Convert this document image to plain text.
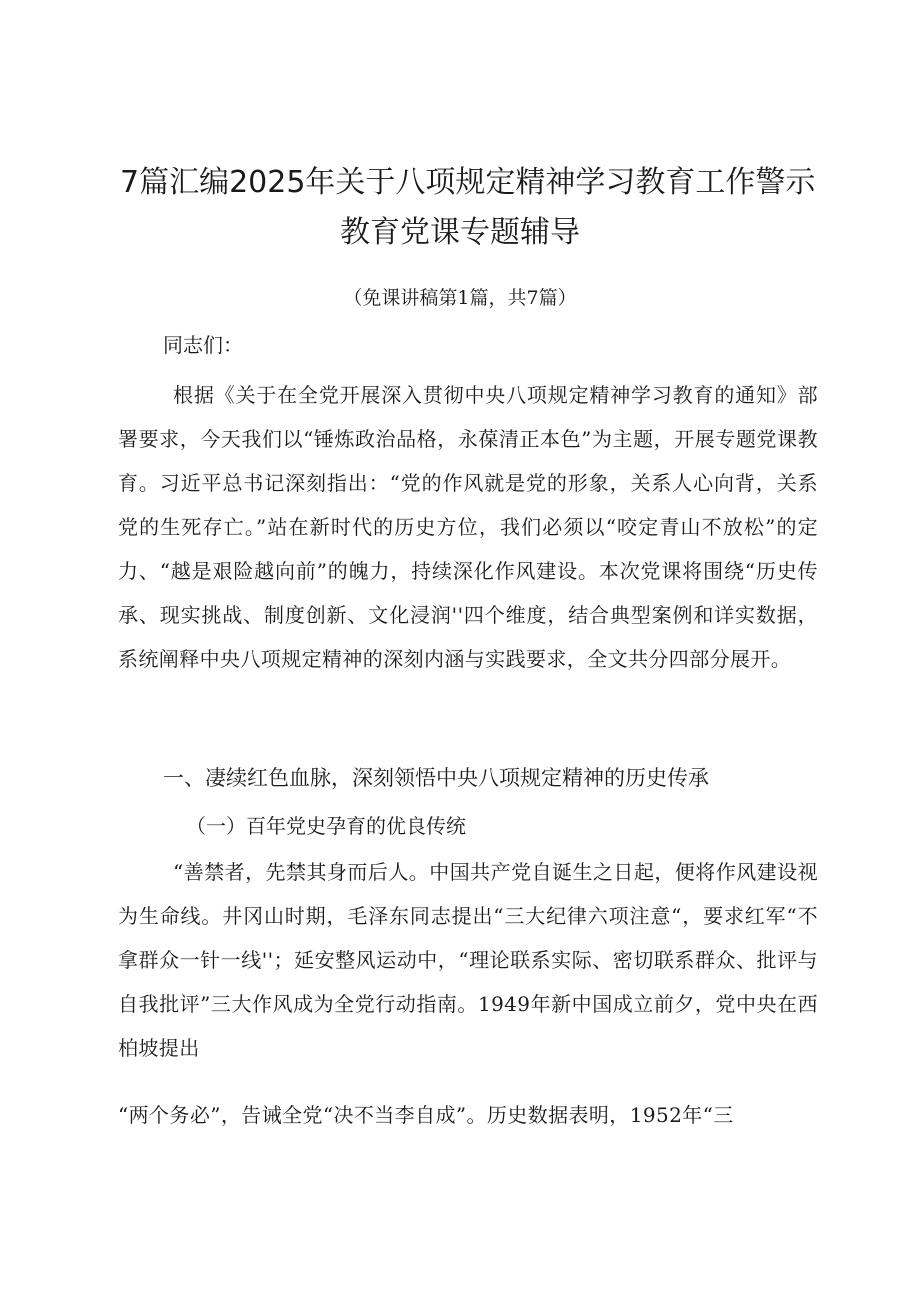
7篇汇编2025年关于八项规定精神学习教育工作警示
教育党课专题辅导
（免课讲稿第1篇，共7篇）
同志们：

根据《关于在全党开展深入贯彻中央八项规定精神学习教育的通知》部署要求，今天我们以“锤炼政治品格，永葆清正本色”为主题，开展专题党课教育。习近平总书记深刻指出：“党的作风就是党的形象，关系人心向背，关系党的生死存亡。”站在新时代的历史方位，我们必须以“咬定青山不放松”的定力、“越是艰险越向前”的魄力，持续深化作风建设。本次党课将围绕“历史传承、现实挑战、制度创新、文化浸润''四个维度，结合典型案例和详实数据，系统阐释中央八项规定精神的深刻内涵与实践要求，全文共分四部分展开。

一、凄续红色血脉，深刻领悟中央八项规定精神的历史传承
（一）百年党史孕育的优良传统

“善禁者，先禁其身而后人。中国共产党自诞生之日起，便将作风建设视为生命线。井冈山时期，毛泽东同志提出“三大纪律六项注意“，要求红军“不拿群众一针一线''；延安整风运动中，“理论联系实际、密切联系群众、批评与自我批评”三大作风成为全党行动指南。1949年新中国成立前夕，党中央在西柏坡提出

“两个务必”，告诫全党“决不当李自成”。历史数据表明，1952年“三
